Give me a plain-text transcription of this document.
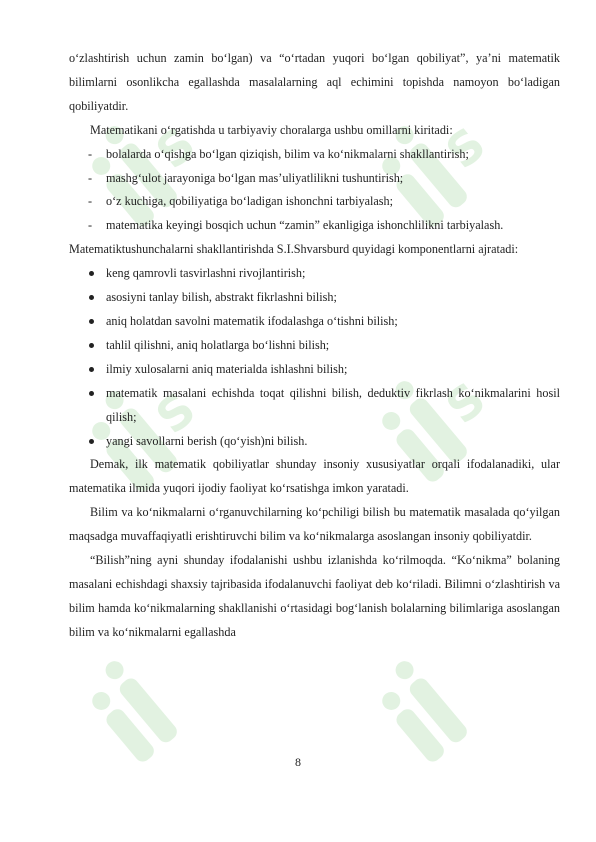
S	S
S	S

o‘zlashtirish uchun zamin bo‘lgan) va “o‘rtadan yuqori bo‘lgan qobiliyat”, ya’ni matematik bilimlarni osonlikcha egallashda masalalarning aql echimini topishda namoyon bo‘ladigan qobiliyatdir.

Matematikani o‘rgatishda u tarbiyaviy choralarga ushbu omillarni kiritadi:

- bolalarda o‘qishga bo‘lgan qiziqish, bilim va ko‘nikmalarni shakllantirish;
- mashg‘ulot jarayoniga bo‘lgan mas’uliyatlilikni tushuntirish;
- o‘z kuchiga, qobiliyatiga bo‘ladigan ishonchni tarbiyalash;
- matematika keyingi bosqich uchun “zamin” ekanligiga ishonchlilikni tarbiyalash.

Matematiktushunchalarni shakllantirishda S.I.Shvarsburd quyidagi komponentlarni ajratadi:

keng qamrovli tasvirlashni rivojlantirish;
asosiyni tanlay bilish, abstrakt fikrlashni bilish;
aniq holatdan savolni matematik ifodalashga o‘tishni bilish;
tahlil qilishni, aniq holatlarga bo‘lishni bilish;
ilmiy xulosalarni aniq materialda ishlashni bilish;
matematik masalani echishda toqat qilishni bilish, deduktiv fikrlash ko‘nikmalarini hosil qilish;
yangi savollarni berish (qo‘yish)ni bilish.

Demak, ilk matematik qobiliyatlar shunday insoniy xususiyatlar orqali ifodalanadiki, ular matematika ilmida yuqori ijodiy faoliyat ko‘rsatishga imkon yaratadi.

Bilim va ko‘nikmalarni o‘rganuvchilarning ko‘pchiligi bilish bu matematik masalada qo‘yilgan maqsadga muvaffaqiyatli erishtiruvchi bilim va ko‘nikmalarga asoslangan insoniy qobiliyatdir.

“Bilish”ning ayni shunday ifodalanishi ushbu izlanishda ko‘rilmoqda. “Ko‘nikma” bolaning masalani echishdagi shaxsiy tajribasida ifodalanuvchi faoliyat deb ko‘riladi. Bilimni o‘zlashtirish va bilim hamda ko‘nikmalarning shakllanishi o‘rtasidagi bog‘lanish bolalarning bilimlariga asoslangan bilim va ko‘nikmalarni egallashda

8
